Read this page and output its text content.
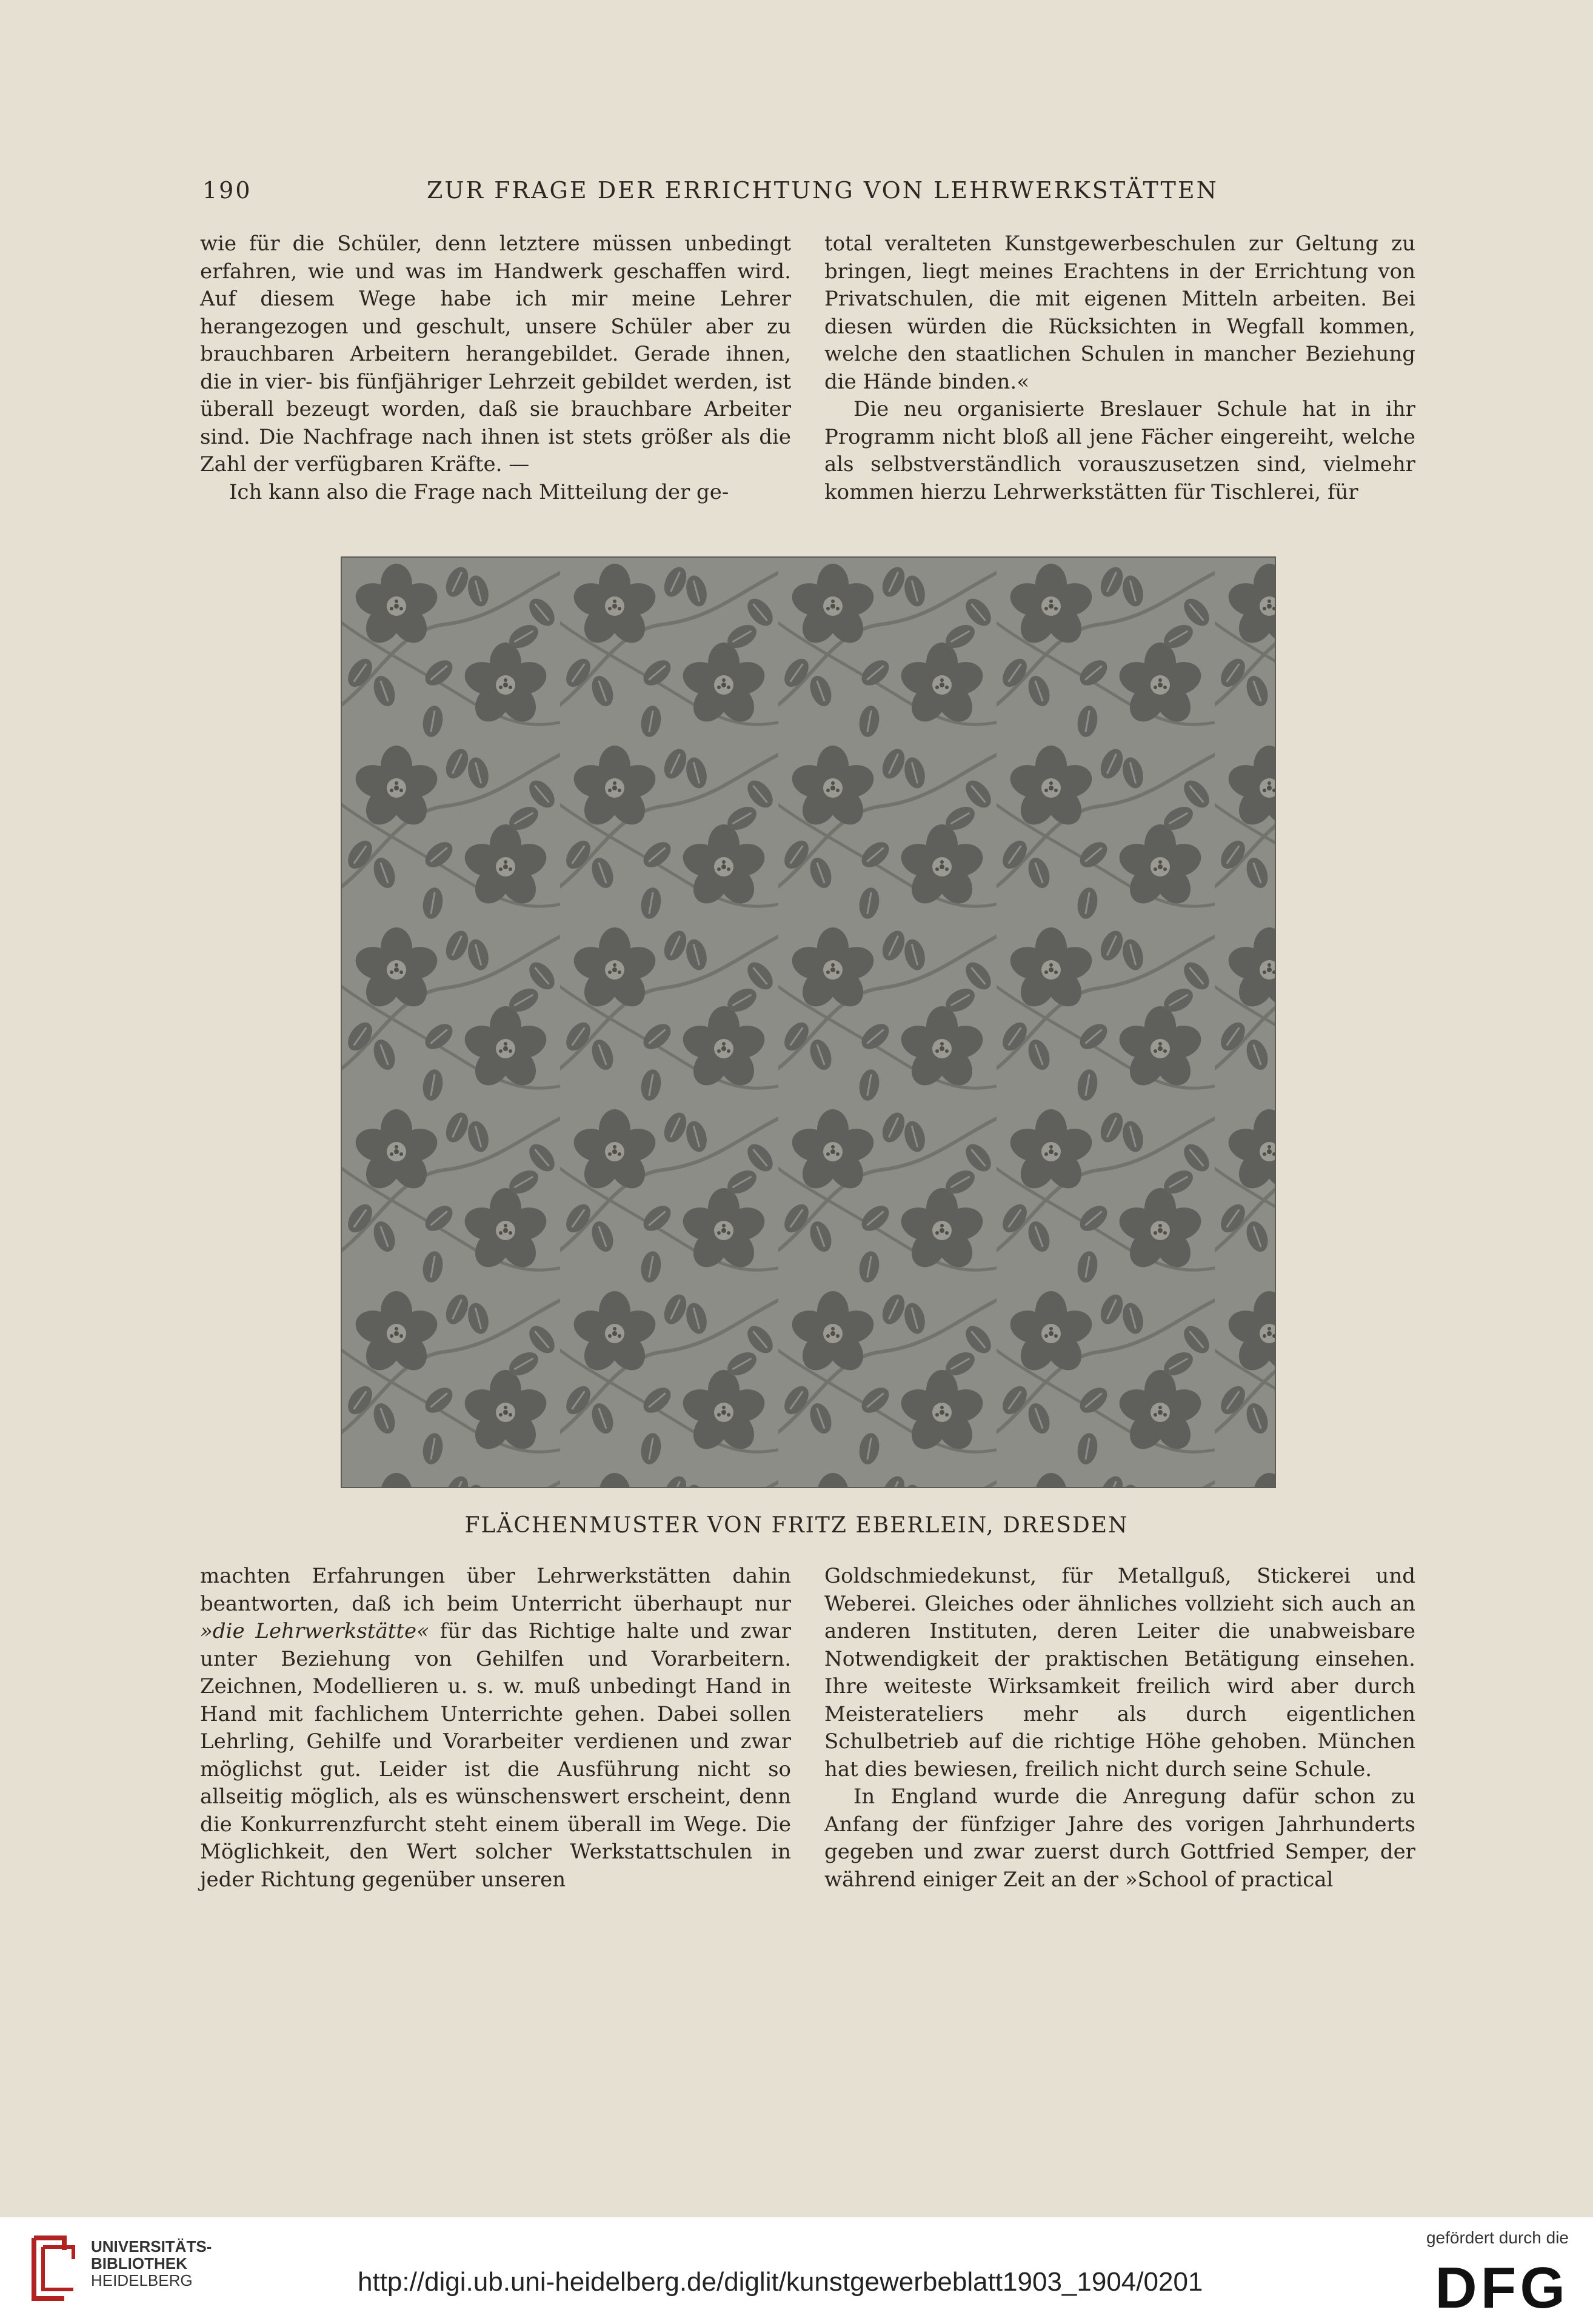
190	ZUR FRAGE DER ERRICHTUNG VON LEHRWERKSTÄTTEN

wie für die Schüler, denn letztere müssen unbedingt erfahren, wie und was im Handwerk geschaffen wird. Auf diesem Wege habe ich mir meine Lehrer herangezogen und geschult, unsere Schüler aber zu brauchbaren Arbeitern herangebildet. Gerade ihnen, die in vier- bis fünfjähriger Lehrzeit gebildet werden, ist überall bezeugt worden, daß sie brauchbare Arbeiter sind. Die Nachfrage nach ihnen ist stets größer als die Zahl der verfügbaren Kräfte. —

Ich kann also die Frage nach Mitteilung der ge-

total veralteten Kunstgewerbeschulen zur Geltung zu bringen, liegt meines Erachtens in der Errichtung von Privatschulen, die mit eigenen Mitteln arbeiten. Bei diesen würden die Rücksichten in Wegfall kommen, welche den staatlichen Schulen in mancher Beziehung die Hände binden.«

Die neu organisierte Breslauer Schule hat in ihr Programm nicht bloß all jene Fächer eingereiht, welche als selbstverständlich vorauszusetzen sind, vielmehr kommen hierzu Lehrwerkstätten für Tischlerei, für

FLÄCHENMUSTER VON FRITZ EBERLEIN, DRESDEN

machten Erfahrungen über Lehrwerkstätten dahin beantworten, daß ich beim Unterricht überhaupt nur »die Lehrwerkstätte« für das Richtige halte und zwar unter Beziehung von Gehilfen und Vorarbeitern. Zeichnen, Modellieren u. s. w. muß unbedingt Hand in Hand mit fachlichem Unterrichte gehen. Dabei sollen Lehrling, Gehilfe und Vorarbeiter verdienen und zwar möglichst gut. Leider ist die Ausführung nicht so allseitig möglich, als es wünschenswert erscheint, denn die Konkurrenzfurcht steht einem überall im Wege. Die Möglichkeit, den Wert solcher Werkstattschulen in jeder Richtung gegenüber unseren

Goldschmiedekunst, für Metallguß, Stickerei und Weberei. Gleiches oder ähnliches vollzieht sich auch an anderen Instituten, deren Leiter die unabweisbare Notwendigkeit der praktischen Betätigung einsehen. Ihre weiteste Wirksamkeit freilich wird aber durch Meisterateliers mehr als durch eigentlichen Schulbetrieb auf die richtige Höhe gehoben. München hat dies bewiesen, freilich nicht durch seine Schule.

In England wurde die Anregung dafür schon zu Anfang der fünfziger Jahre des vorigen Jahrhunderts gegeben und zwar zuerst durch Gottfried Semper, der während einiger Zeit an der »School of practical

UNIVERSITÄTS-
BIBLIOTHEK
HEIDELBERG	http://digi.ub.uni-heidelberg.de/diglit/kunstgewerbeblatt1903_1904/0201
gefördert durch die
DFG
